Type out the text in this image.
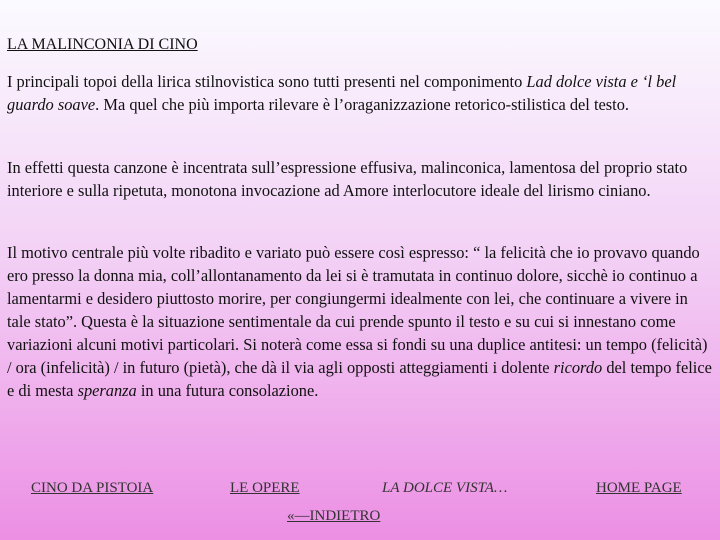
LA MALINCONIA DI CINO

I principali topoi della lirica stilnovistica sono tutti presenti nel componimento Lad dolce vista e ‘l bel guardo soave. Ma quel che più importa rilevare è l’oraganizzazione retorico-stilistica del testo.

In effetti questa canzone è incentrata sull’espressione effusiva, malinconica, lamentosa del proprio stato interiore e sulla ripetuta, monotona invocazione ad Amore interlocutore ideale del lirismo ciniano.

Il motivo centrale più volte ribadito e variato può essere così espresso: “ la felicità che io provavo quando ero presso la donna mia, coll’allontanamento da lei si è tramutata in continuo dolore, sicchè io continuo a lamentarmi e desidero piuttosto morire, per congiungermi idealmente con lei, che continuare a vivere in tale stato”. Questa è la situazione sentimentale da cui prende spunto il testo e su cui si innestano come variazioni alcuni motivi particolari. Si noterà come essa si fondi su una duplice antitesi: un tempo (felicità) / ora (infelicità) / in futuro (pietà), che dà il via agli opposti atteggiamenti i dolente ricordo del tempo felice e di mesta speranza in una futura consolazione.

CINO DA PISTOIA	LE OPERE	LA DOLCE VISTA…	HOME PAGE
«—INDIETRO
